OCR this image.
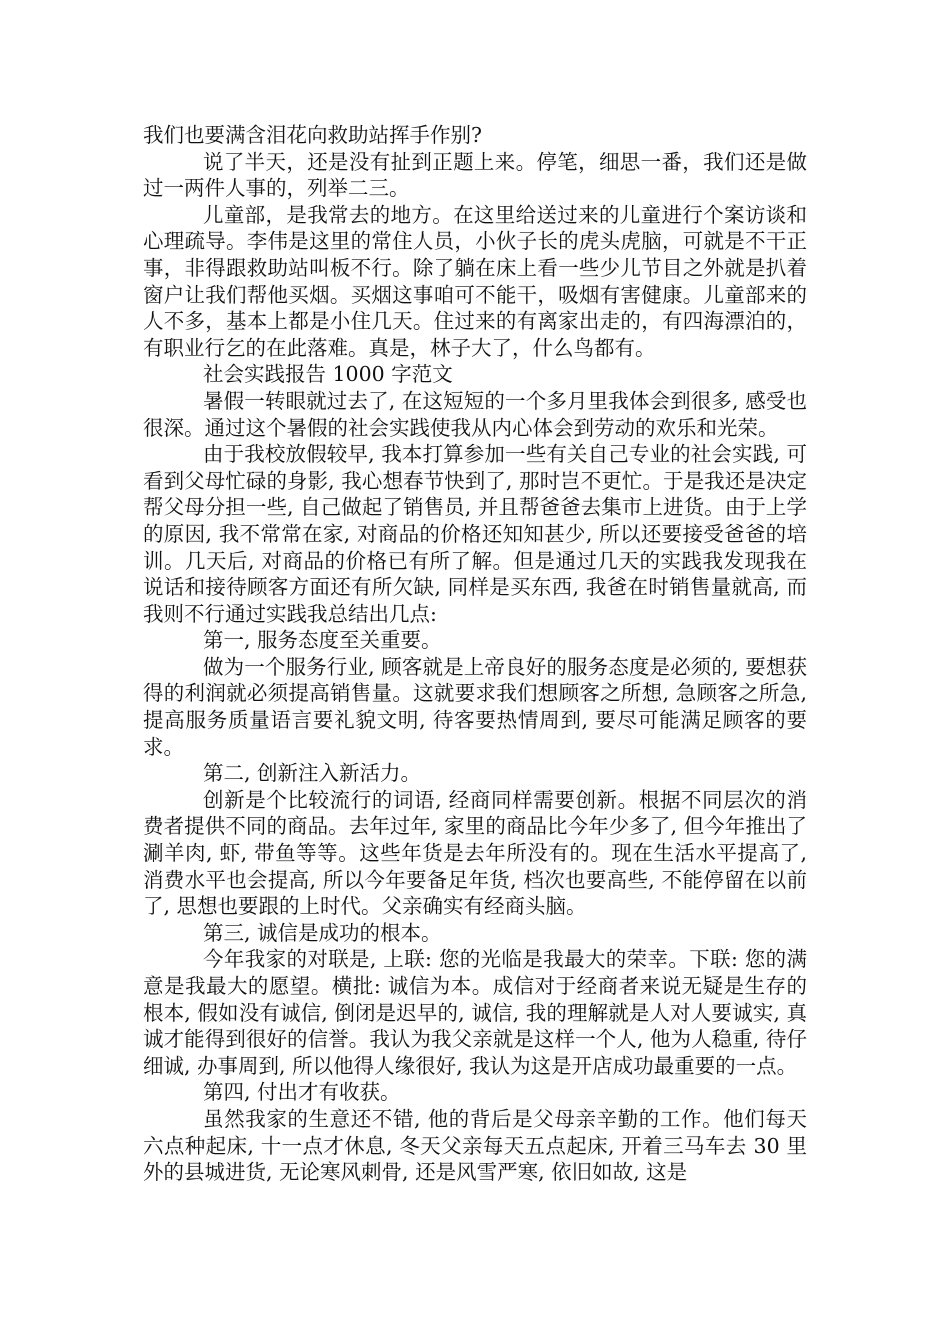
我们也要满含泪花向救助站挥手作别?

说了半天，还是没有扯到正题上来。停笔，细思一番，我们还是做过一两件人事的，列举二三。

儿童部，是我常去的地方。在这里给送过来的儿童进行个案访谈和心理疏导。李伟是这里的常住人员，小伙子长的虎头虎脑，可就是不干正事，非得跟救助站叫板不行。除了躺在床上看一些少儿节目之外就是扒着窗户让我们帮他买烟。买烟这事咱可不能干，吸烟有害健康。儿童部来的人不多，基本上都是小住几天。住过来的有离家出走的，有四海漂泊的，有职业行乞的在此落难。真是，林子大了，什么鸟都有。

社会实践报告 1000 字范文

暑假一转眼就过去了, 在这短短的一个多月里我体会到很多, 感受也很深。通过这个暑假的社会实践使我从内心体会到劳动的欢乐和光荣。

由于我校放假较早, 我本打算参加一些有关自己专业的社会实践, 可看到父母忙碌的身影, 我心想春节快到了, 那时岂不更忙。于是我还是决定帮父母分担一些, 自己做起了销售员, 并且帮爸爸去集市上进货。由于上学的原因, 我不常常在家, 对商品的价格还知知甚少, 所以还要接受爸爸的培训。几天后, 对商品的价格已有所了解。但是通过几天的实践我发现我在说话和接待顾客方面还有所欠缺, 同样是买东西, 我爸在时销售量就高, 而我则不行通过实践我总结出几点:

第一, 服务态度至关重要。

做为一个服务行业, 顾客就是上帝良好的服务态度是必须的, 要想获得的利润就必须提高销售量。这就要求我们想顾客之所想, 急顾客之所急, 提高服务质量语言要礼貌文明, 待客要热情周到, 要尽可能满足顾客的要求。

第二, 创新注入新活力。

创新是个比较流行的词语, 经商同样需要创新。根据不同层次的消费者提供不同的商品。去年过年, 家里的商品比今年少多了, 但今年推出了涮羊肉, 虾, 带鱼等等。这些年货是去年所没有的。现在生活水平提高了, 消费水平也会提高, 所以今年要备足年货, 档次也要高些, 不能停留在以前了, 思想也要跟的上时代。父亲确实有经商头脑。

第三, 诚信是成功的根本。

今年我家的对联是, 上联: 您的光临是我最大的荣幸。下联: 您的满意是我最大的愿望。横批: 诚信为本。成信对于经商者来说无疑是生存的根本, 假如没有诚信, 倒闭是迟早的, 诚信, 我的理解就是人对人要诚实, 真诚才能得到很好的信誉。我认为我父亲就是这样一个人, 他为人稳重, 待仔细诚, 办事周到, 所以他得人缘很好, 我认为这是开店成功最重要的一点。

第四, 付出才有收获。

虽然我家的生意还不错, 他的背后是父母亲辛勤的工作。他们每天六点种起床, 十一点才休息, 冬天父亲每天五点起床, 开着三马车去 30 里外的县城进货, 无论寒风刺骨, 还是风雪严寒, 依旧如故, 这是
